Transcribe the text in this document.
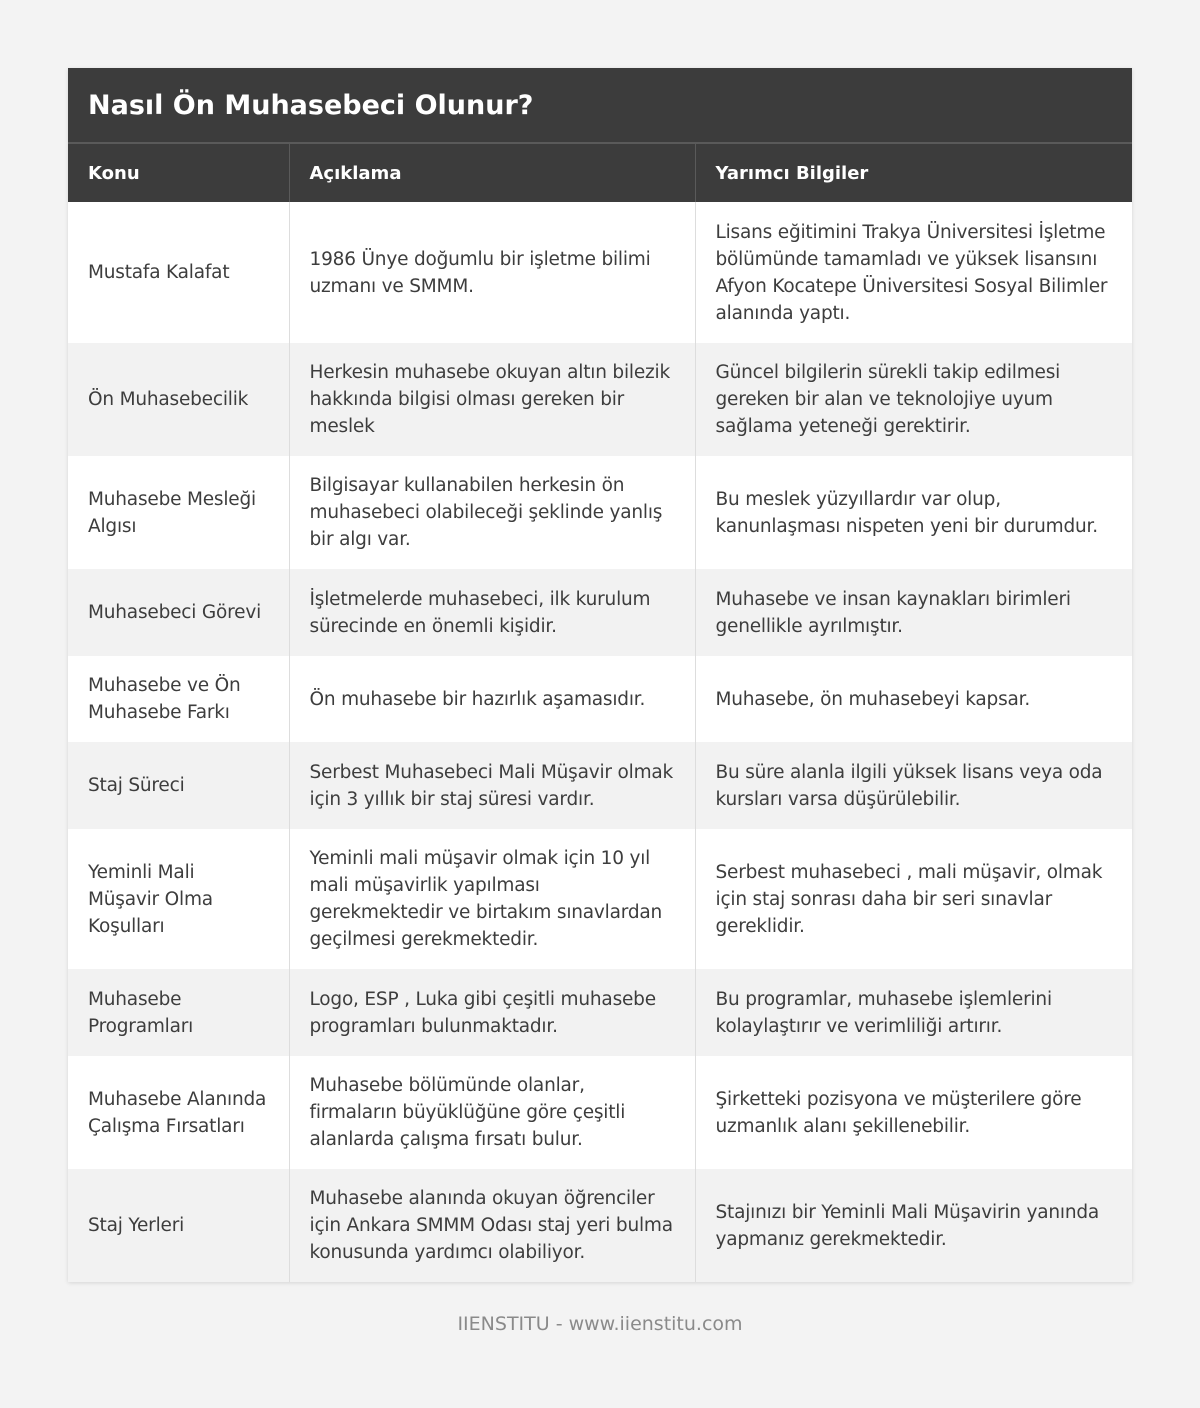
Nasıl Ön Muhasebeci Olunur?
Konu	Açıklama	Yarımcı Bilgiler
Mustafa Kalafat	1986 Ünye doğumlu bir işletme bilimi uzmanı ve SMMM.	Lisans eğitimini Trakya Üniversitesi İşletme bölümünde tamamladı ve yüksek lisansını Afyon Kocatepe Üniversitesi Sosyal Bilimler alanında yaptı.
Ön Muhasebecilik	Herkesin muhasebe okuyan altın bilezik hakkında bilgisi olması gereken bir meslek	Güncel bilgilerin sürekli takip edilmesi gereken bir alan ve teknolojiye uyum sağlama yeteneği gerektirir.
Muhasebe Mesleği Algısı	Bilgisayar kullanabilen herkesin ön muhasebeci olabileceği şeklinde yanlış bir algı var.	Bu meslek yüzyıllardır var olup, kanunlaşması nispeten yeni bir durumdur.
Muhasebeci Görevi	İşletmelerde muhasebeci, ilk kurulum sürecinde en önemli kişidir.	Muhasebe ve insan kaynakları birimleri genellikle ayrılmıştır.
Muhasebe ve Ön Muhasebe Farkı	Ön muhasebe bir hazırlık aşamasıdır.	Muhasebe, ön muhasebeyi kapsar.
Staj Süreci	Serbest Muhasebeci Mali Müşavir olmak için 3 yıllık bir staj süresi vardır.	Bu süre alanla ilgili yüksek lisans veya oda kursları varsa düşürülebilir.
Yeminli Mali Müşavir Olma Koşulları	Yeminli mali müşavir olmak için 10 yıl mali müşavirlik yapılması gerekmektedir ve birtakım sınavlardan geçilmesi gerekmektedir.	Serbest muhasebeci , mali müşavir, olmak için staj sonrası daha bir seri sınavlar gereklidir.
Muhasebe Programları	Logo, ESP , Luka gibi çeşitli muhasebe programları bulunmaktadır.	Bu programlar, muhasebe işlemlerini kolaylaştırır ve verimliliği artırır.
Muhasebe Alanında Çalışma Fırsatları	Muhasebe bölümünde olanlar, firmaların büyüklüğüne göre çeşitli alanlarda çalışma fırsatı bulur.	Şirketteki pozisyona ve müşterilere göre uzmanlık alanı şekillenebilir.
Staj Yerleri	Muhasebe alanında okuyan öğrenciler için Ankara SMMM Odası staj yeri bulma konusunda yardımcı olabiliyor.	Stajınızı bir Yeminli Mali Müşavirin yanında yapmanız gerekmektedir.
IIENSTITU - www.iienstitu.com
